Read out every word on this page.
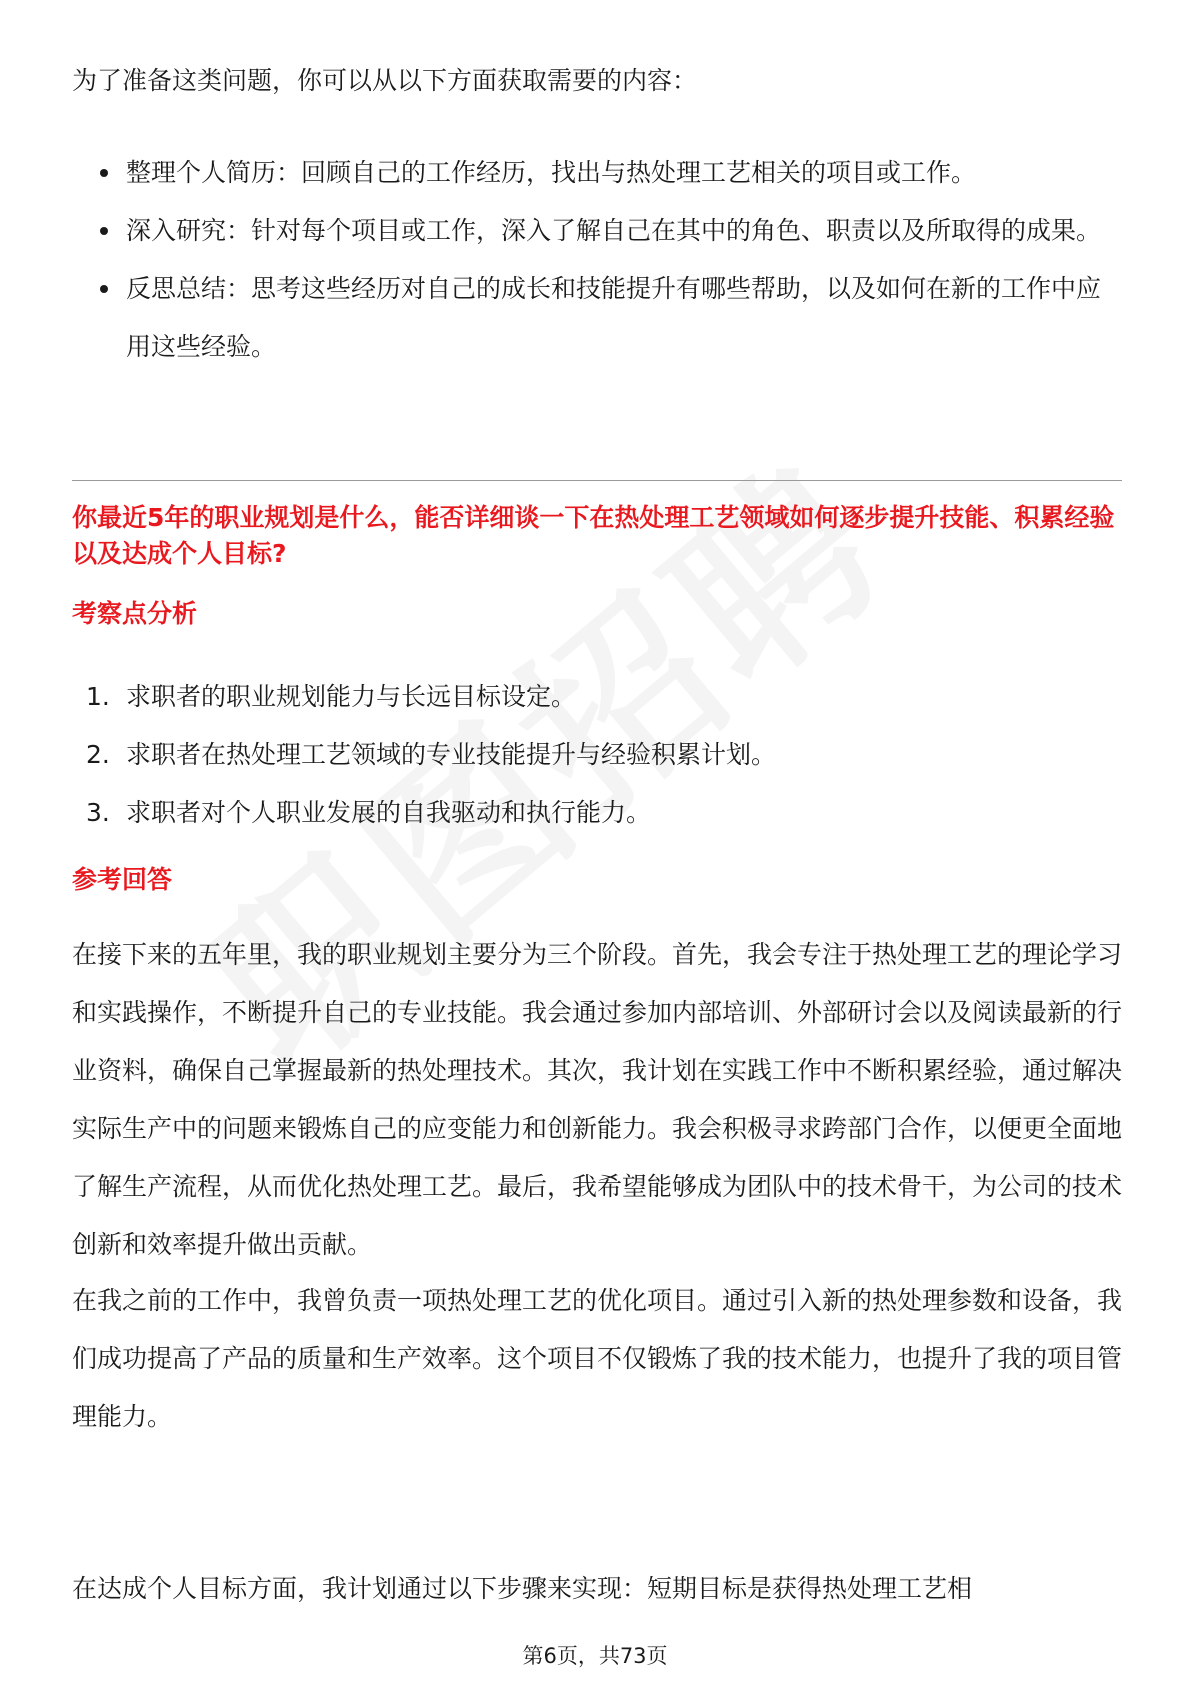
为了准备这类问题，你可以从以下方面获取需要的内容：

整理个人简历：回顾自己的工作经历，找出与热处理工艺相关的项目或工作。
深入研究：针对每个项目或工作，深入了解自己在其中的角色、职责以及所取得的成果。
反思总结：思考这些经历对自己的成长和技能提升有哪些帮助，以及如何在新的工作中应用这些经验。
你最近5年的职业规划是什么，能否详细谈一下在热处理工艺领域如何逐步提升技能、积累经验以及达成个人目标?
考察点分析
1. 求职者的职业规划能力与长远目标设定。
2. 求职者在热处理工艺领域的专业技能提升与经验积累计划。
3. 求职者对个人职业发展的自我驱动和执行能力。
参考回答

在接下来的五年里，我的职业规划主要分为三个阶段。首先，我会专注于热处理工艺的理论学习和实践操作，不断提升自己的专业技能。我会通过参加内部培训、外部研讨会以及阅读最新的行业资料，确保自己掌握最新的热处理技术。其次，我计划在实践工作中不断积累经验，通过解决实际生产中的问题来锻炼自己的应变能力和创新能力。我会积极寻求跨部门合作，以便更全面地了解生产流程，从而优化热处理工艺。最后，我希望能够成为团队中的技术骨干，为公司的技术创新和效率提升做出贡献。

在我之前的工作中，我曾负责一项热处理工艺的优化项目。通过引入新的热处理参数和设备，我们成功提高了产品的质量和生产效率。这个项目不仅锻炼了我的技术能力，也提升了我的项目管理能力。

在达成个人目标方面，我计划通过以下步骤来实现：短期目标是获得热处理工艺相

第6页，共73页
